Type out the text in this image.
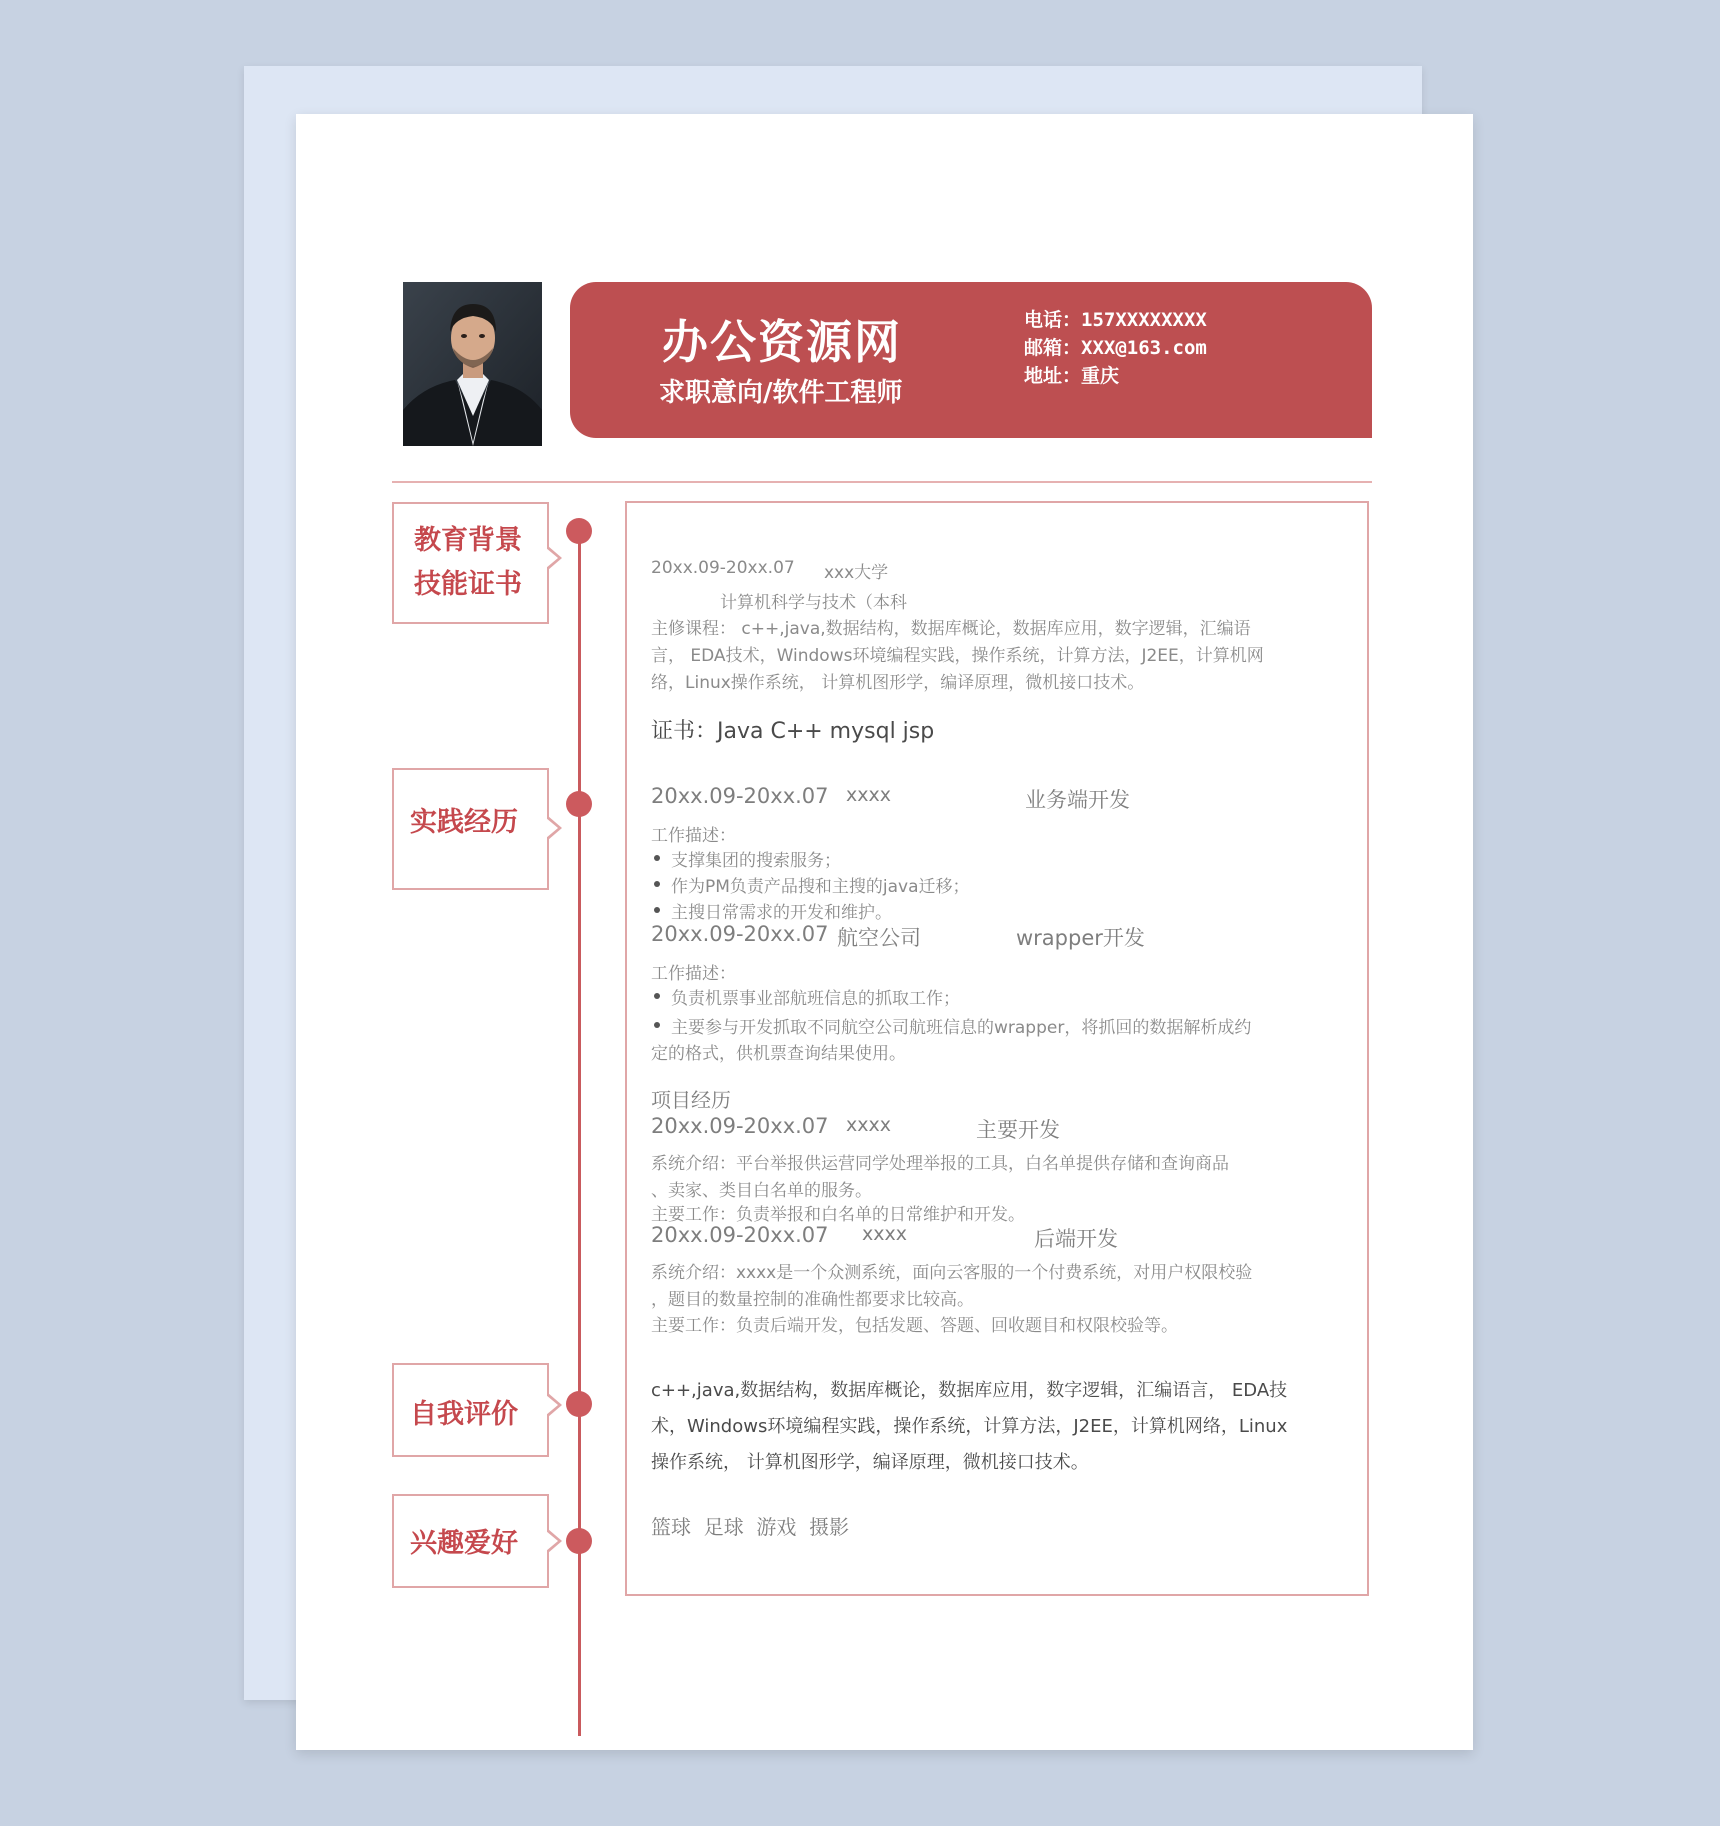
办公资源网
求职意向/软件工程师
电话：157XXXXXXXX
邮箱：XXX@163.com
地址：重庆
教育背景
技能证书
实践经历
自我评价
兴趣爱好
20xx.09-20xx.07 xxx大学
计算机科学与技术（本科
主修课程： c++,java,数据结构，数据库概论，数据库应用，数字逻辑，汇编语
言， EDA技术，Windows环境编程实践，操作系统，计算方法，J2EE，计算机网
络，Linux操作系统， 计算机图形学，编译原理，微机接口技术。
证书：Java C++ mysql jsp
20xx.09-20xx.07 xxxx	业务端开发
工作描述：
支撑集团的搜索服务；
作为PM负责产品搜和主搜的java迁移；
主搜日常需求的开发和维护。
20xx.09-20xx.07 航空公司	wrapper开发
工作描述：
负责机票事业部航班信息的抓取工作；
主要参与开发抓取不同航空公司航班信息的wrapper，将抓回的数据解析成约
定的格式，供机票查询结果使用。
项目经历
20xx.09-20xx.07 xxxx	主要开发
系统介绍：平台举报供运营同学处理举报的工具，白名单提供存储和查询商品
、卖家、类目白名单的服务。
主要工作：负责举报和白名单的日常维护和开发。
20xx.09-20xx.07 xxxx	后端开发
系统介绍：xxxx是一个众测系统，面向云客服的一个付费系统，对用户权限校验
，题目的数量控制的准确性都要求比较高。
主要工作：负责后端开发，包括发题、答题、回收题目和权限校验等。
c++,java,数据结构，数据库概论，数据库应用，数字逻辑，汇编语言， EDA技
术，Windows环境编程实践，操作系统，计算方法，J2EE，计算机网络，Linux
操作系统， 计算机图形学，编译原理，微机接口技术。
篮球  足球  游戏  摄影
